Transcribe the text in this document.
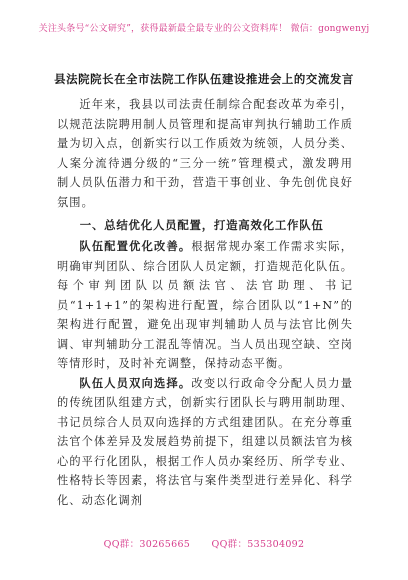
关注头条号“公文研究”，获得最新最全最专业的公文资料库！ 微信：gongwenyj
县法院院长在全市法院工作队伍建设推进会上的交流发言

近年来，我县以司法责任制综合配套改革为牵引，以规范法院聘用制人员管理和提高审判执行辅助工作质量为切入点，创新实行以工作质效为统领，人员分类、人案分流待遇分级的“三分一统”管理模式，激发聘用制人员队伍潜力和干劲，营造干事创业、争先创优良好氛围。

一、总结优化人员配置，打造高效化工作队伍

队伍配置优化改善。根据常规办案工作需求实际，明确审判团队、综合团队人员定额，打造规范化队伍。每个审判团队以员额法官、法官助理、书记员“1+1+1”的架构进行配置，综合团队以“1+N”的架构进行配置，避免出现审判辅助人员与法官比例失调、审判辅助分工混乱等情况。当人员出现空缺、空岗等情形时，及时补充调整，保持动态平衡。

队伍人员双向选择。改变以行政命令分配人员力量的传统团队组建方式，创新实行团队长与聘用制助理、书记员综合人员双向选择的方式组建团队。在充分尊重法官个体差异及发展趋势前提下，组建以员额法官为核心的平行化团队，根据工作人员办案经历、所学专业、性格特长等因素，将法官与案件类型进行差异化、科学化、动态化调剂

QQ群：30265665 QQ群：535304092
